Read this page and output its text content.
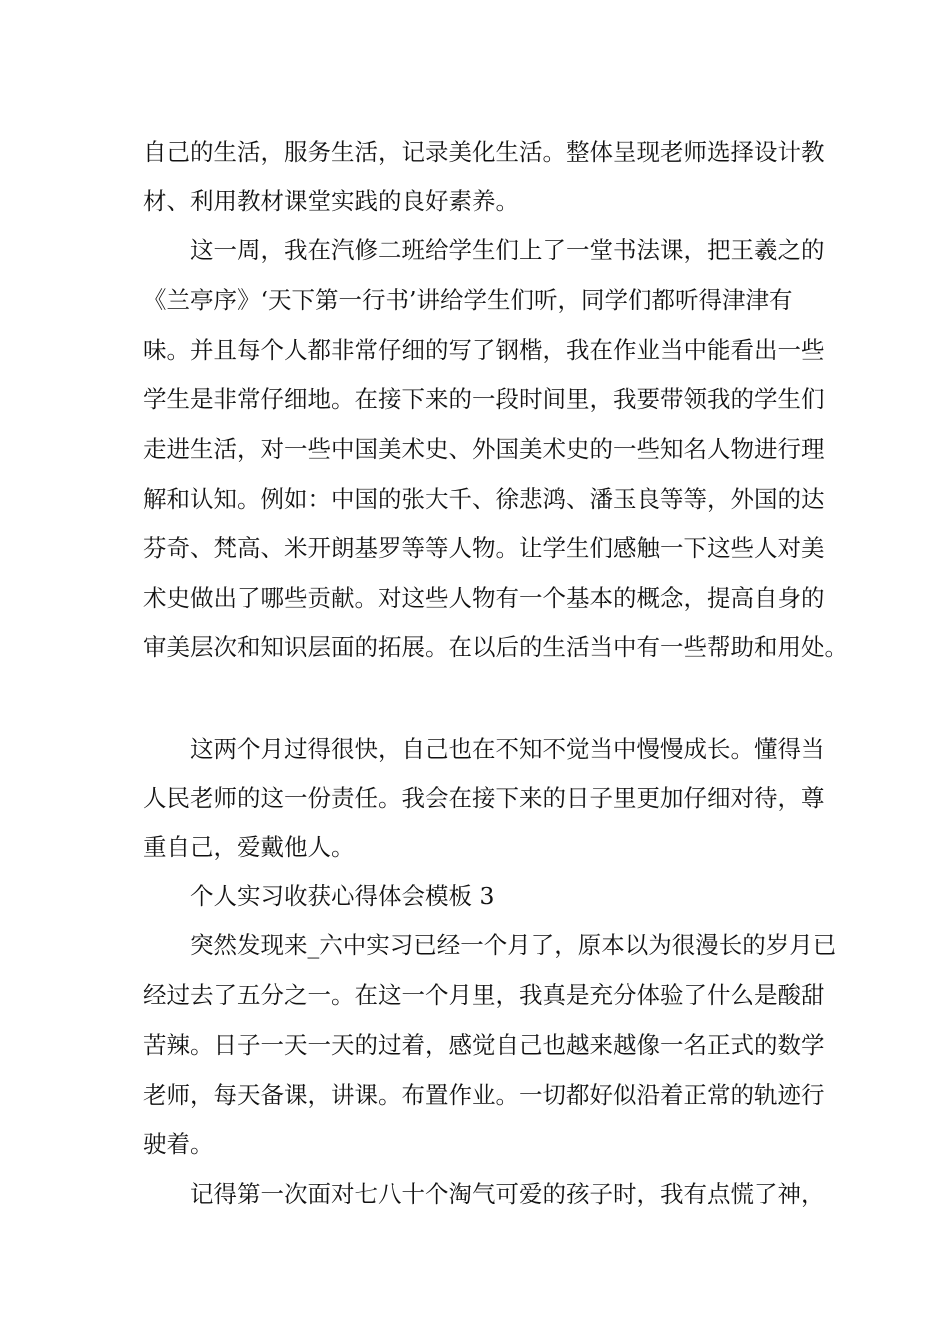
自己的生活，服务生活，记录美化生活。整体呈现老师选择设计教
材、利用教材课堂实践的良好素养。
这一周，我在汽修二班给学生们上了一堂书法课，把王羲之的
《兰亭序》‘天下第一行书’讲给学生们听，同学们都听得津津有
味。并且每个人都非常仔细的写了钢楷，我在作业当中能看出一些
学生是非常仔细地。在接下来的一段时间里，我要带领我的学生们
走进生活，对一些中国美术史、外国美术史的一些知名人物进行理
解和认知。例如：中国的张大千、徐悲鸿、潘玉良等等，外国的达
芬奇、梵高、米开朗基罗等等人物。让学生们感触一下这些人对美
术史做出了哪些贡献。对这些人物有一个基本的概念，提高自身的
审美层次和知识层面的拓展。在以后的生活当中有一些帮助和用处。
这两个月过得很快，自己也在不知不觉当中慢慢成长。懂得当
人民老师的这一份责任。我会在接下来的日子里更加仔细对待，尊
重自己，爱戴他人。
个人实习收获心得体会模板 3
突然发现来_六中实习已经一个月了，原本以为很漫长的岁月已
经过去了五分之一。在这一个月里，我真是充分体验了什么是酸甜
苦辣。日子一天一天的过着，感觉自己也越来越像一名正式的数学
老师，每天备课，讲课。布置作业。一切都好似沿着正常的轨迹行
驶着。
记得第一次面对七八十个淘气可爱的孩子时，我有点慌了神，
